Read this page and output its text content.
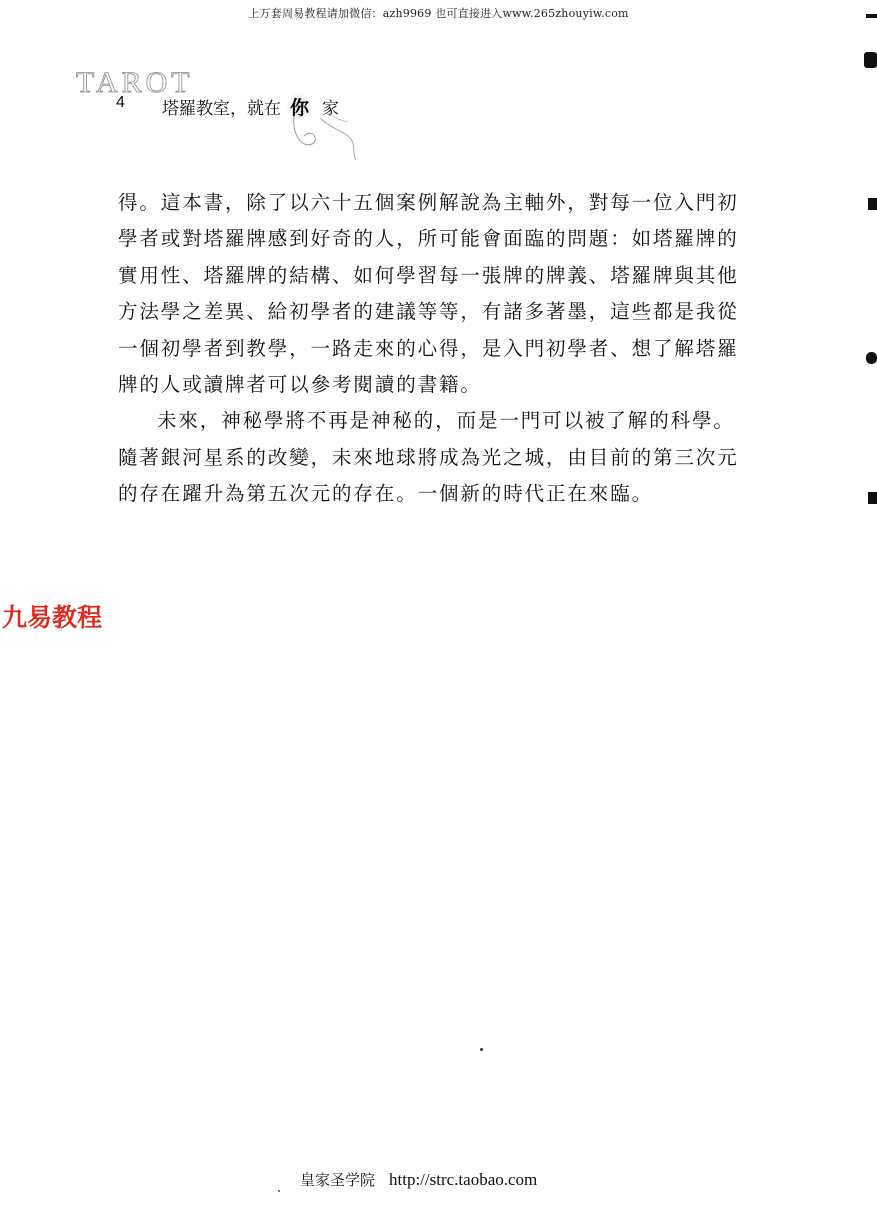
上万套周易教程请加微信：azh9969 也可直接进入www.265zhouyiw.com
TAROT
4 塔羅教室，就在 你 家

得。這本書，除了以六十五個案例解說為主軸外，對每一位入門初學者或對塔羅牌感到好奇的人，所可能會面臨的問題：如塔羅牌的實用性、塔羅牌的結構、如何學習每一張牌的牌義、塔羅牌與其他方法學之差異、給初學者的建議等等，有諸多著墨，這些都是我從一個初學者到教學，一路走來的心得，是入門初學者、想了解塔羅牌的人或讀牌者可以參考閱讀的書籍。

未來，神秘學將不再是神秘的，而是一門可以被了解的科學。隨著銀河星系的改變，未來地球將成為光之城，由目前的第三次元的存在躍升為第五次元的存在。一個新的時代正在來臨。

九易教程
皇家圣学院 http://strc.taobao.com
